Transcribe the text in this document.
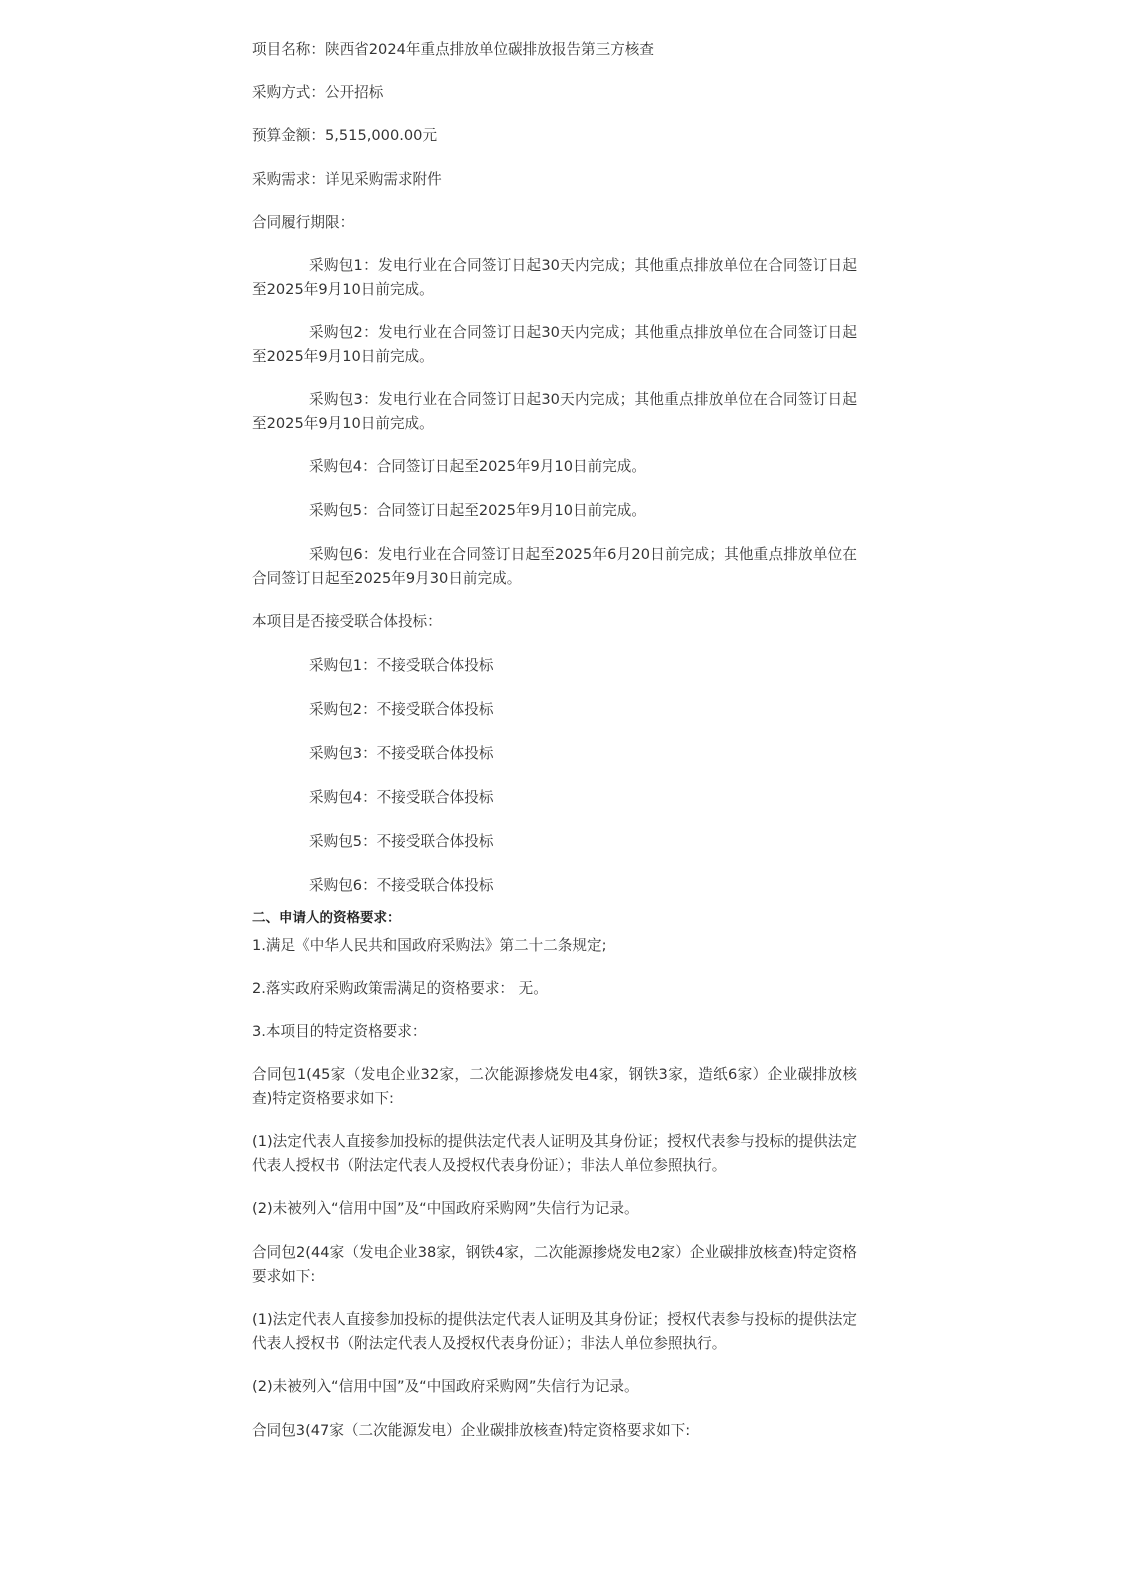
项目名称：陕西省2024年重点排放单位碳排放报告第三方核查

采购方式：公开招标

预算金额：5,515,000.00元

采购需求：详见采购需求附件

合同履行期限：

采购包1：发电行业在合同签订日起30天内完成；其他重点排放单位在合同签订日起至2025年9月10日前完成。

采购包2：发电行业在合同签订日起30天内完成；其他重点排放单位在合同签订日起至2025年9月10日前完成。

采购包3：发电行业在合同签订日起30天内完成；其他重点排放单位在合同签订日起至2025年9月10日前完成。

采购包4：合同签订日起至2025年9月10日前完成。

采购包5：合同签订日起至2025年9月10日前完成。

采购包6：发电行业在合同签订日起至2025年6月20日前完成；其他重点排放单位在合同签订日起至2025年9月30日前完成。

本项目是否接受联合体投标：

采购包1：不接受联合体投标

采购包2：不接受联合体投标

采购包3：不接受联合体投标

采购包4：不接受联合体投标

采购包5：不接受联合体投标

采购包6：不接受联合体投标

二、申请人的资格要求：

1.满足《中华人民共和国政府采购法》第二十二条规定;

2.落实政府采购政策需满足的资格要求： 无。

3.本项目的特定资格要求：

合同包1(45家（发电企业32家，二次能源掺烧发电4家，钢铁3家，造纸6家）企业碳排放核查)特定资格要求如下:

(1)法定代表人直接参加投标的提供法定代表人证明及其身份证；授权代表参与投标的提供法定代表人授权书（附法定代表人及授权代表身份证）；非法人单位参照执行。

(2)未被列入“信用中国”及“中国政府采购网”失信行为记录。

合同包2(44家（发电企业38家，钢铁4家，二次能源掺烧发电2家）企业碳排放核查)特定资格要求如下:

(1)法定代表人直接参加投标的提供法定代表人证明及其身份证；授权代表参与投标的提供法定代表人授权书（附法定代表人及授权代表身份证）；非法人单位参照执行。

(2)未被列入“信用中国”及“中国政府采购网”失信行为记录。

合同包3(47家（二次能源发电）企业碳排放核查)特定资格要求如下:
